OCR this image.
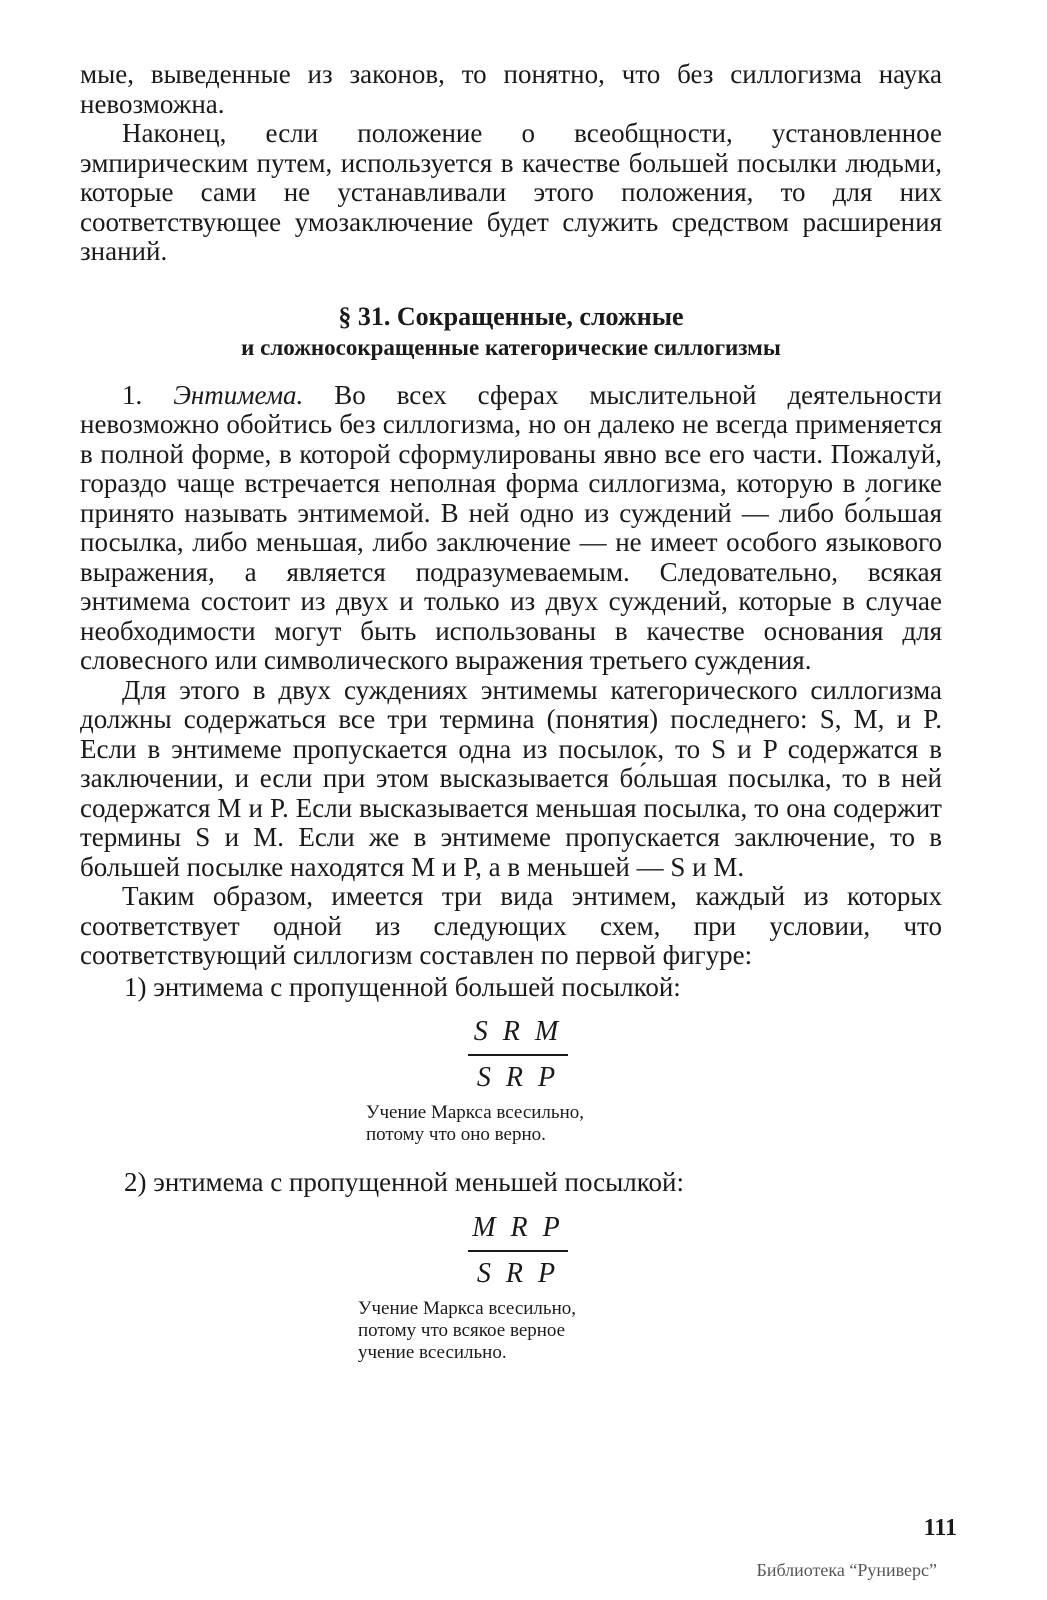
мые, выведенные из законов, то понятно, что без силлогизма наука невозможна.

Наконец, если положение о всеобщности, установленное эмпирическим путем, используется в качестве большей посылки людьми, которые сами не устанавливали этого положения, то для них соответствующее умозаключение будет служить средством расширения знаний.

§ 31. Сокращенные, сложные
и сложносокращенные категорические силлогизмы

1. Энтимема. Во всех сферах мыслительной деятельности невозможно обойтись без силлогизма, но он далеко не всегда применяется в полной форме, в которой сформулированы явно все его части. Пожалуй, гораздо чаще встречается неполная форма силлогизма, которую в логике принято называть энтимемой. В ней одно из суждений — либо бо́льшая посылка, либо меньшая, либо заключение — не имеет особого языкового выражения, а является подразумеваемым. Следовательно, всякая энтимема состоит из двух и только из двух суждений, которые в случае необходимости могут быть использованы в качестве основания для словесного или символического выражения третьего суждения.

Для этого в двух суждениях энтимемы категорического силлогизма должны содержаться все три термина (понятия) последнего: S, M, и P. Если в энтимеме пропускается одна из посылок, то S и P содержатся в заключении, и если при этом высказывается бо́льшая посылка, то в ней содержатся M и P. Если высказывается меньшая посылка, то она содержит термины S и M. Если же в энтимеме пропускается заключение, то в большей посылке находятся M и P, а в меньшей — S и M.

Таким образом, имеется три вида энтимем, каждый из которых соответствует одной из следующих схем, при условии, что соответствующий силлогизм составлен по первой фигуре:

1) энтимема с пропущенной большей посылкой:
S R M
S R P
Учение Маркса всесильно,
потому что оно верно.
2) энтимема с пропущенной меньшей посылкой:
M R P
S R P
Учение Маркса всесильно,
потому что всякое верное
учение всесильно.
111
Библиотека “Руниверс”
